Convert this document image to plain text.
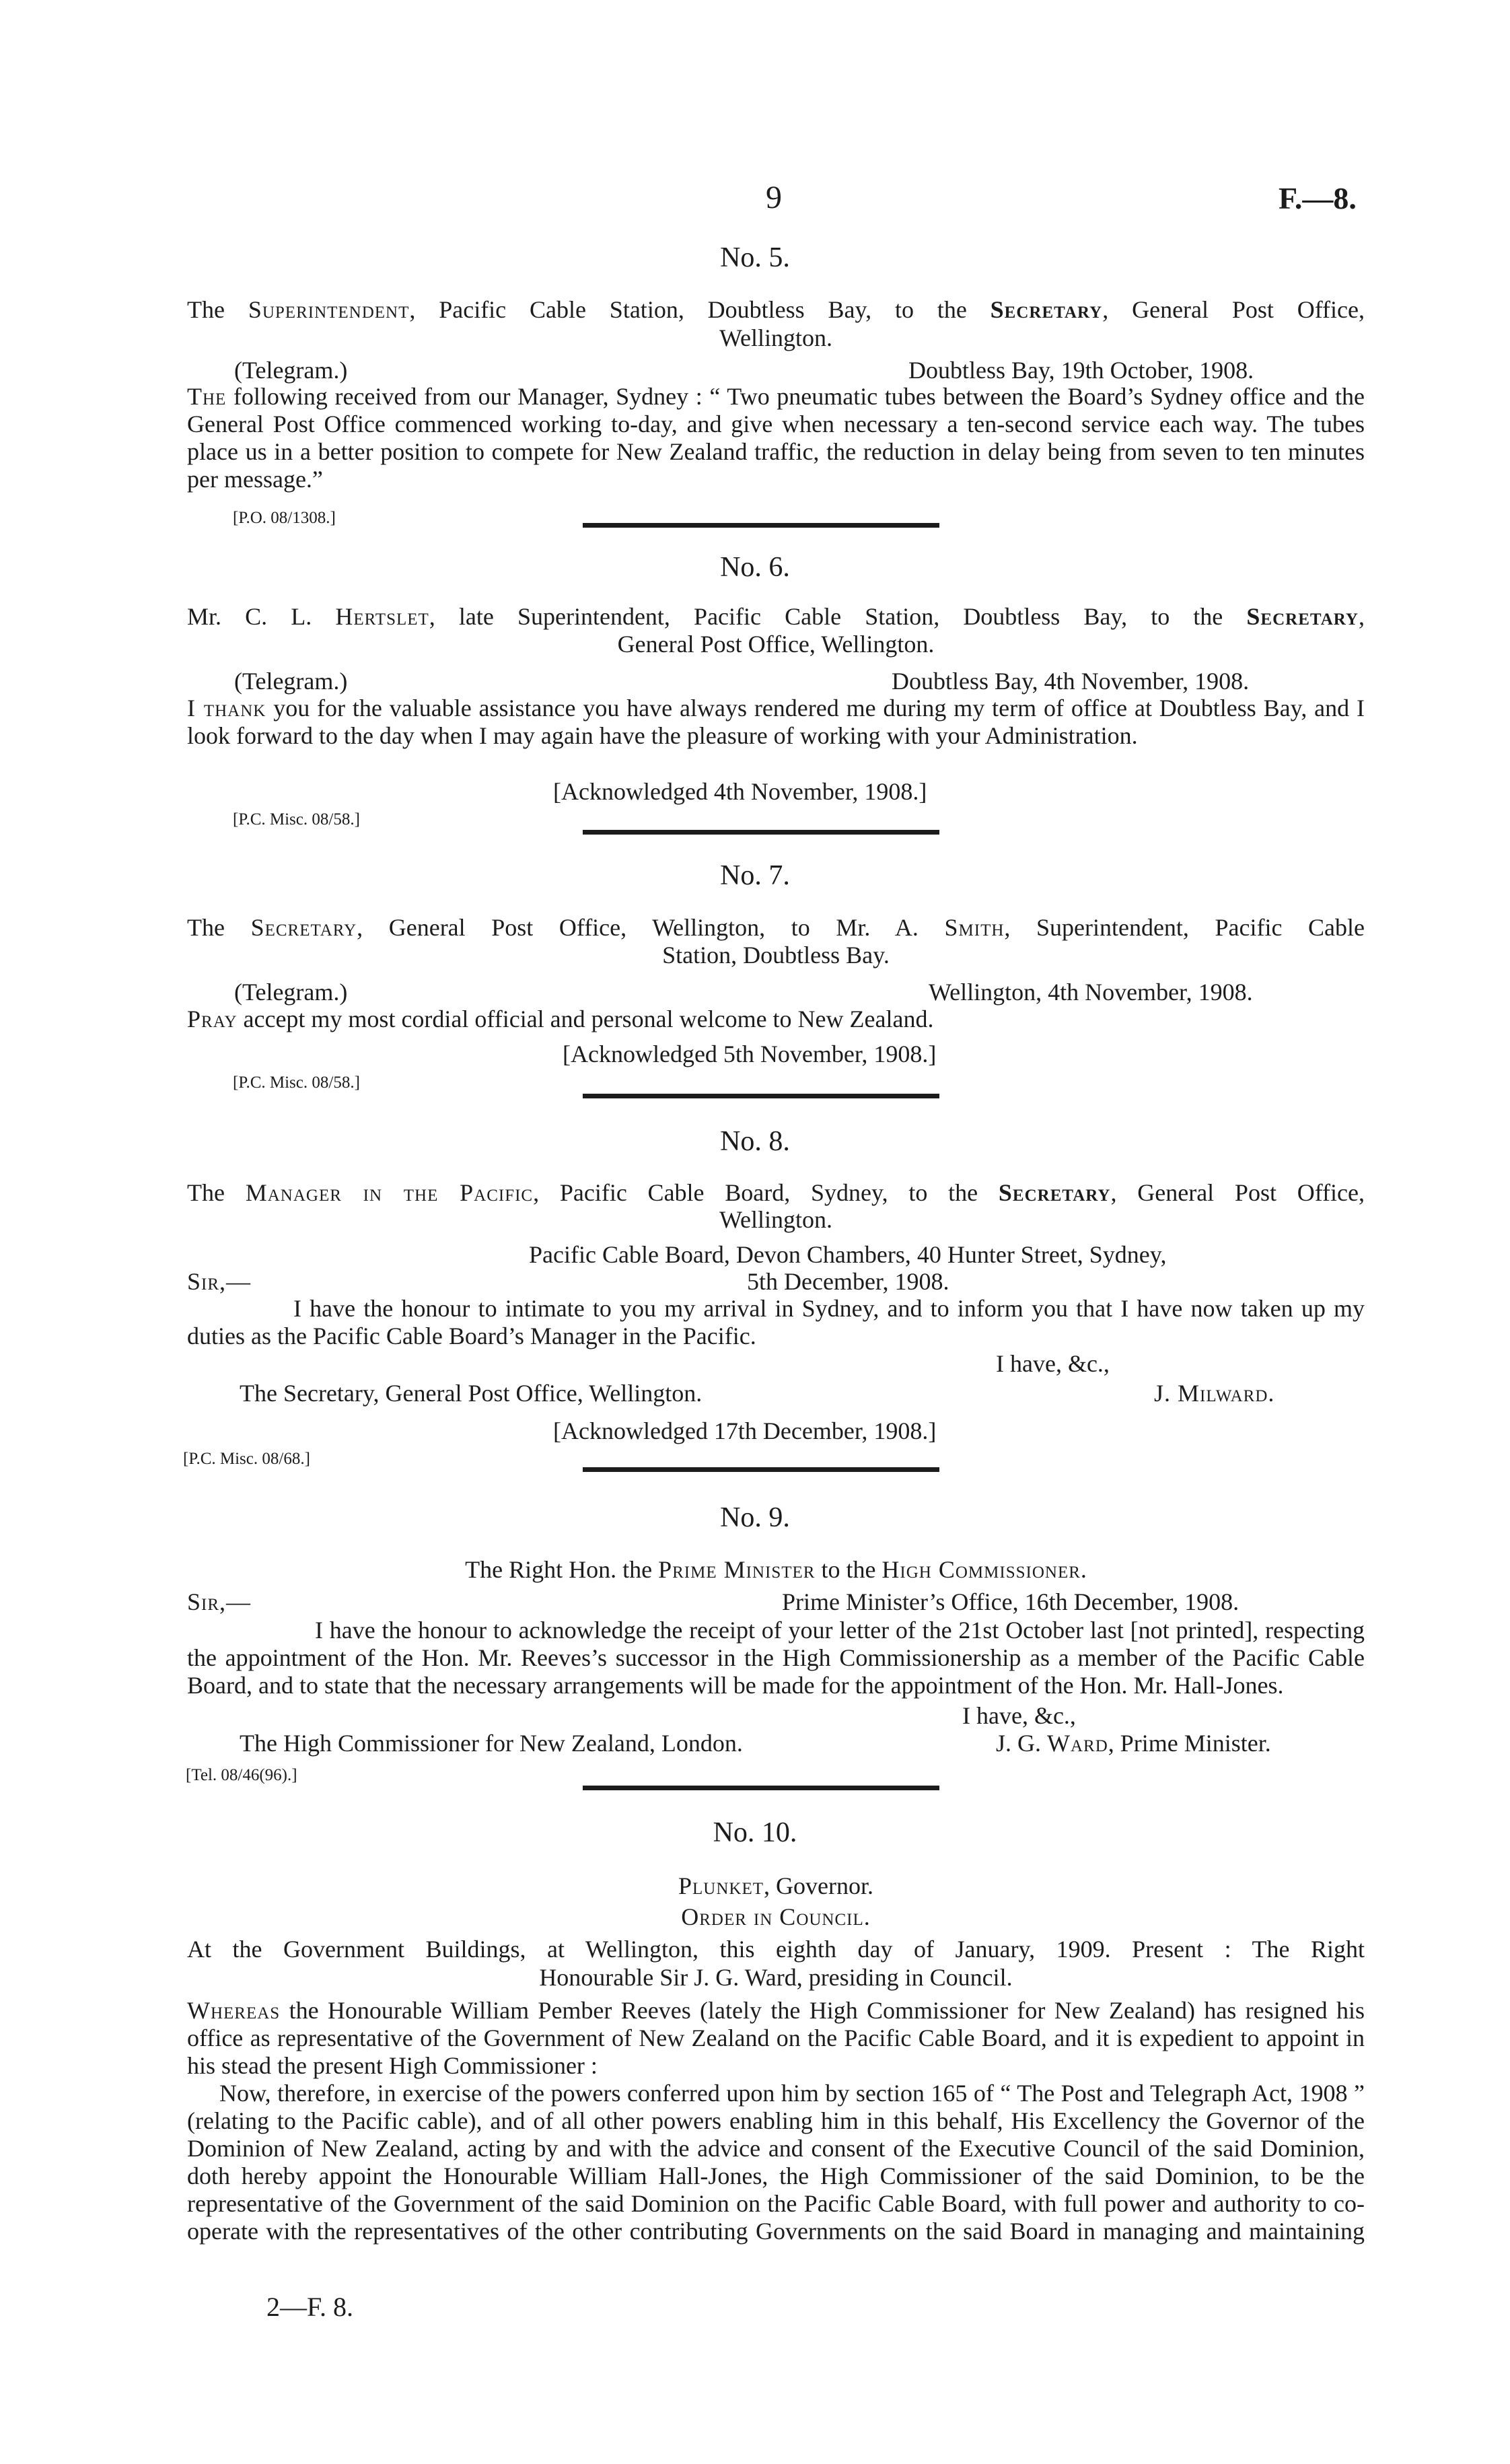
9	F.—8.
No. 5.
The Superintendent, Pacific Cable Station, Doubtless Bay, to the Secretary, General Post Office,
Wellington.
(Telegram.)	Doubtless Bay, 19th October, 1908.
The following received from our Manager, Sydney : “ Two pneumatic tubes between the Board’s Sydney office and the General Post Office commenced working to-day, and give when necessary a ten-second service each way. The tubes place us in a better position to compete for New Zealand traffic, the reduction in delay being from seven to ten minutes per message.”
[P.O. 08/1308.]
No. 6.
Mr. C. L. Hertslet, late Superintendent, Pacific Cable Station, Doubtless Bay, to the Secretary,
General Post Office, Wellington.
(Telegram.)	Doubtless Bay, 4th November, 1908.
I thank you for the valuable assistance you have always rendered me during my term of office at Doubtless Bay, and I look forward to the day when I may again have the pleasure of working with your Administration.
[Acknowledged 4th November, 1908.]
[P.C. Misc. 08/58.]
No. 7.
The Secretary, General Post Office, Wellington, to Mr. A. Smith, Superintendent, Pacific Cable
Station, Doubtless Bay.
(Telegram.)	Wellington, 4th November, 1908.
Pray accept my most cordial official and personal welcome to New Zealand.
[Acknowledged 5th November, 1908.]
[P.C. Misc. 08/58.]
No. 8.
The Manager in the Pacific, Pacific Cable Board, Sydney, to the Secretary, General Post Office,
Wellington.
Pacific Cable Board, Devon Chambers, 40 Hunter Street, Sydney,
Sir,—	5th December, 1908.
I have the honour to intimate to you my arrival in Sydney, and to inform you that I have now taken up my duties as the Pacific Cable Board’s Manager in the Pacific.
I have, &c.,
The Secretary, General Post Office, Wellington.	J. Milward.
[Acknowledged 17th December, 1908.]
[P.C. Misc. 08/68.]
No. 9.
The Right Hon. the Prime Minister to the High Commissioner.
Sir,—	Prime Minister’s Office, 16th December, 1908.
I have the honour to acknowledge the receipt of your letter of the 21st October last [not printed], respecting the appointment of the Hon. Mr. Reeves’s successor in the High Commissionership as a member of the Pacific Cable Board, and to state that the necessary arrangements will be made for the appointment of the Hon. Mr. Hall-Jones.
I have, &c.,
The High Commissioner for New Zealand, London.	J. G. Ward, Prime Minister.
[Tel. 08/46(96).]
No. 10.
Plunket, Governor.
Order in Council.
At the Government Buildings, at Wellington, this eighth day of January, 1909. Present : The Right
Honourable Sir J. G. Ward, presiding in Council.
Whereas the Honourable William Pember Reeves (lately the High Commissioner for New Zealand) has resigned his office as representative of the Government of New Zealand on the Pacific Cable Board, and it is expedient to appoint in his stead the present High Commissioner :
Now, therefore, in exercise of the powers conferred upon him by section 165 of “ The Post and Telegraph Act, 1908 ” (relating to the Pacific cable), and of all other powers enabling him in this behalf, His Excellency the Governor of the Dominion of New Zealand, acting by and with the advice and consent of the Executive Council of the said Dominion, doth hereby appoint the Honourable William Hall-Jones, the High Commissioner of the said Dominion, to be the representative of the Government of the said Dominion on the Pacific Cable Board, with full power and authority to co-operate with the representatives of the other contributing Governments on the said Board in managing and maintaining
2—F. 8.
